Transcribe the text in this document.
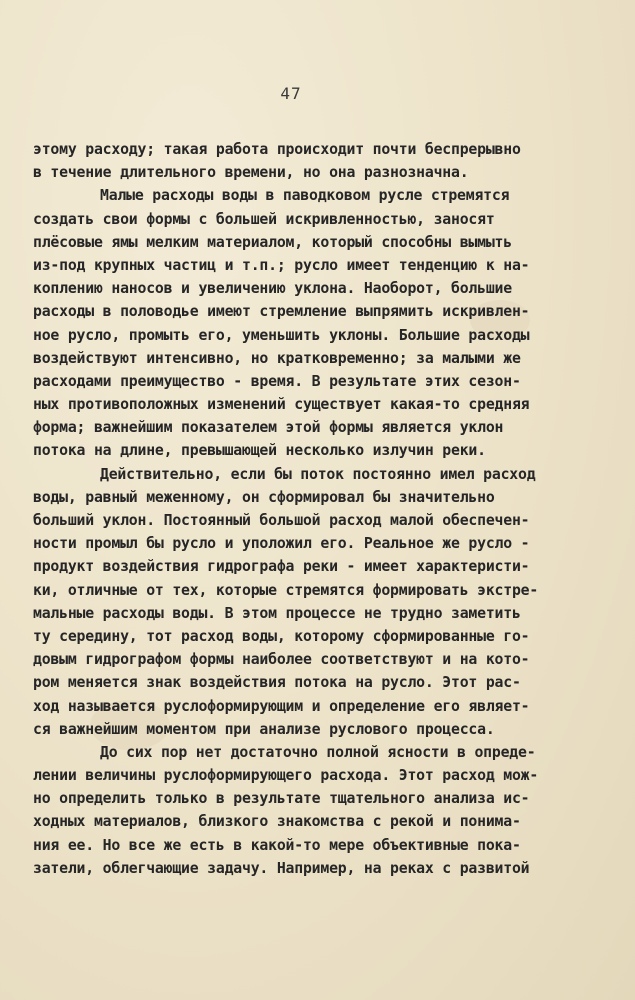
47
этому расходу; такая работа происходит почти беспрерывно
в течение длительного времени, но она разнозначна.
Малые расходы воды в паводковом русле стремятся
создать свои формы с большей искривленностью, заносят
плёсовые ямы мелким материалом, который способны вымыть
из-под крупных частиц и т.п.; русло имеет тенденцию к на-
коплению наносов и увеличению уклона. Наоборот, большие
расходы в половодье имеют стремление выпрямить искривлен-
ное русло, промыть его, уменьшить уклоны. Большие расходы
воздействуют интенсивно, но кратковременно; за малыми же
расходами преимущество - время. В результате этих сезон-
ных противоположных изменений существует какая-то средняя
форма; важнейшим показателем этой формы является уклон
потока на длине, превышающей несколько излучин реки.
Действительно, если бы поток постоянно имел расход
воды, равный меженному, он сформировал бы значительно
больший уклон. Постоянный большой расход малой обеспечен-
ности промыл бы русло и уположил его. Реальное же русло -
продукт воздействия гидрографа реки - имеет характеристи-
ки, отличные от тех, которые стремятся формировать экстре-
мальные расходы воды. В этом процессе не трудно заметить
ту середину, тот расход воды, которому сформированные го-
довым гидрографом формы наиболее соответствуют и на кото-
ром меняется знак воздействия потока на русло. Этот рас-
ход называется руслоформирующим и определение его являет-
ся важнейшим моментом при анализе руслового процесса.
До сих пор нет достаточно полной ясности в опреде-
лении величины руслоформирующего расхода. Этот расход мож-
но определить только в результате тщательного анализа ис-
ходных материалов, близкого знакомства с рекой и понима-
ния ее. Но все же есть в какой-то мере объективные пока-
затели, облегчающие задачу. Например, на реках с развитой
